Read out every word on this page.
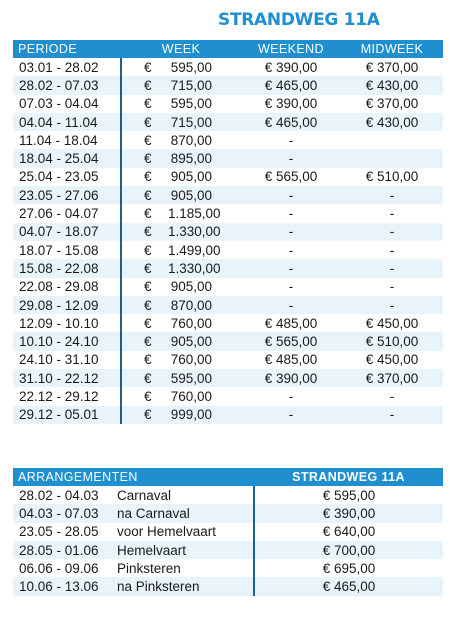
STRANDWEG 11A
PERIODE	WEEK	WEEKEND	MIDWEEK
03.01 - 28.02	€ 595,00	€ 390,00	€ 370,00
28.02 - 07.03	€ 715,00	€ 465,00	€ 430,00
07.03 - 04.04	€ 595,00	€ 390,00	€ 370,00
04.04 - 11.04	€ 715,00	€ 465,00	€ 430,00
11.04 - 18.04	€ 870,00	-	
18.04 - 25.04	€ 895,00	-	
25.04 - 23.05	€ 905,00	€ 565,00	€ 510,00
23.05 - 27.06	€ 905,00	-	-
27.06 - 04.07	€ 1.185,00	-	-
04.07 - 18.07	€ 1.330,00	-	-
18.07 - 15.08	€ 1.499,00	-	-
15.08 - 22.08	€ 1.330,00	-	-
22.08 - 29.08	€ 905,00	-	-
29.08 - 12.09	€ 870,00	-	-
12.09 - 10.10	€ 760,00	€ 485,00	€ 450,00
10.10 - 24.10	€ 905,00	€ 565,00	€ 510,00
24.10 - 31.10	€ 760,00	€ 485,00	€ 450,00
31.10 - 22.12	€ 595,00	€ 390,00	€ 370,00
22.12 - 29.12	€ 760,00	-	-
29.12 - 05.01	€ 999,00	-	-
ARRANGEMENTEN		STRANDWEG 11A
28.02 - 04.03	Carnaval	€ 595,00
04.03 - 07.03	na Carnaval	€ 390,00
23.05 - 28.05	voor Hemelvaart	€ 640,00
28.05 - 01.06	Hemelvaart	€ 700,00
06.06 - 09.06	Pinksteren	€ 695,00
10.06 - 13.06	na Pinksteren	€ 465,00
